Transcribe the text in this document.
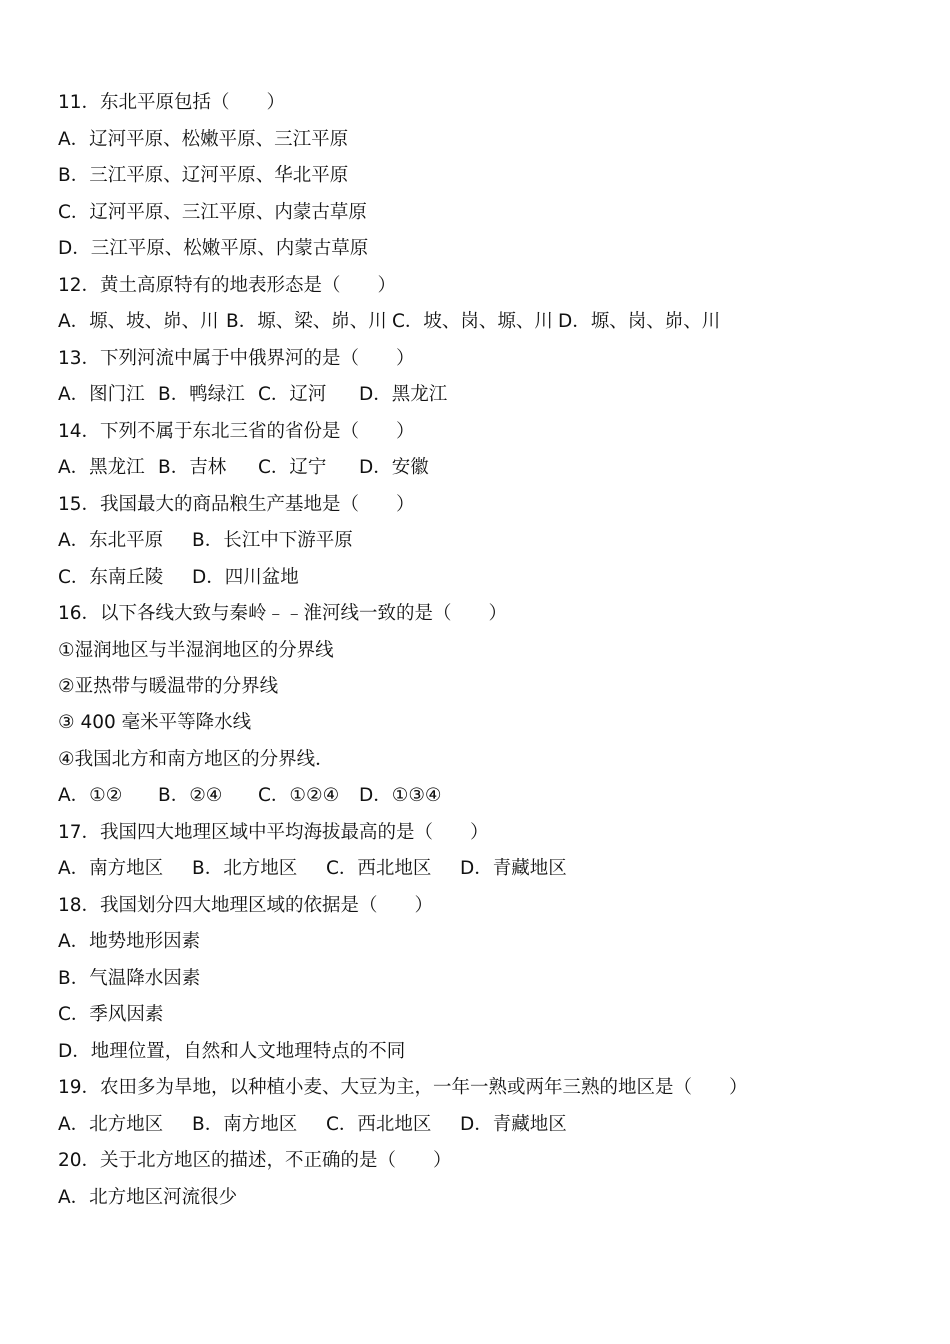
11．东北平原包括（　　）
A．辽河平原、松嫩平原、三江平原
B．三江平原、辽河平原、华北平原
C．辽河平原、三江平原、内蒙古草原
D．三江平原、松嫩平原、内蒙古草原
12．黄土高原特有的地表形态是（　　）

A．塬、坡、峁、川

B．塬、梁、峁、川

C．坡、岗、塬、川

D．塬、岗、峁、川

13．下列河流中属于中俄界河的是（　　）

A．图门江

B．鸭绿江

C．辽河

D．黑龙江

14．下列不属于东北三省的省份是（　　）

A．黑龙江

B．吉林

C．辽宁

D．安徽

15．我国最大的商品粮生产基地是（　　）

A．东北平原

B．长江中下游平原

C．东南丘陵

D．四川盆地

16．以下各线大致与秦岭﹣﹣淮河线一致的是（　　）
①湿润地区与半湿润地区的分界线
②亚热带与暖温带的分界线
③ 400 毫米平等降水线
④我国北方和南方地区的分界线．

A．①②

B．②④

C．①②④

D．①③④

17．我国四大地理区域中平均海拔最高的是（　　）

A．南方地区

B．北方地区

C．西北地区

D．青藏地区

18．我国划分四大地理区域的依据是（　　）
A．地势地形因素
B．气温降水因素
C．季风因素
D．地理位置，自然和人文地理特点的不同
19．农田多为旱地，以种植小麦、大豆为主，一年一熟或两年三熟的地区是（　　）

A．北方地区

B．南方地区

C．西北地区

D．青藏地区

20．关于北方地区的描述，不正确的是（　　）
A．北方地区河流很少
